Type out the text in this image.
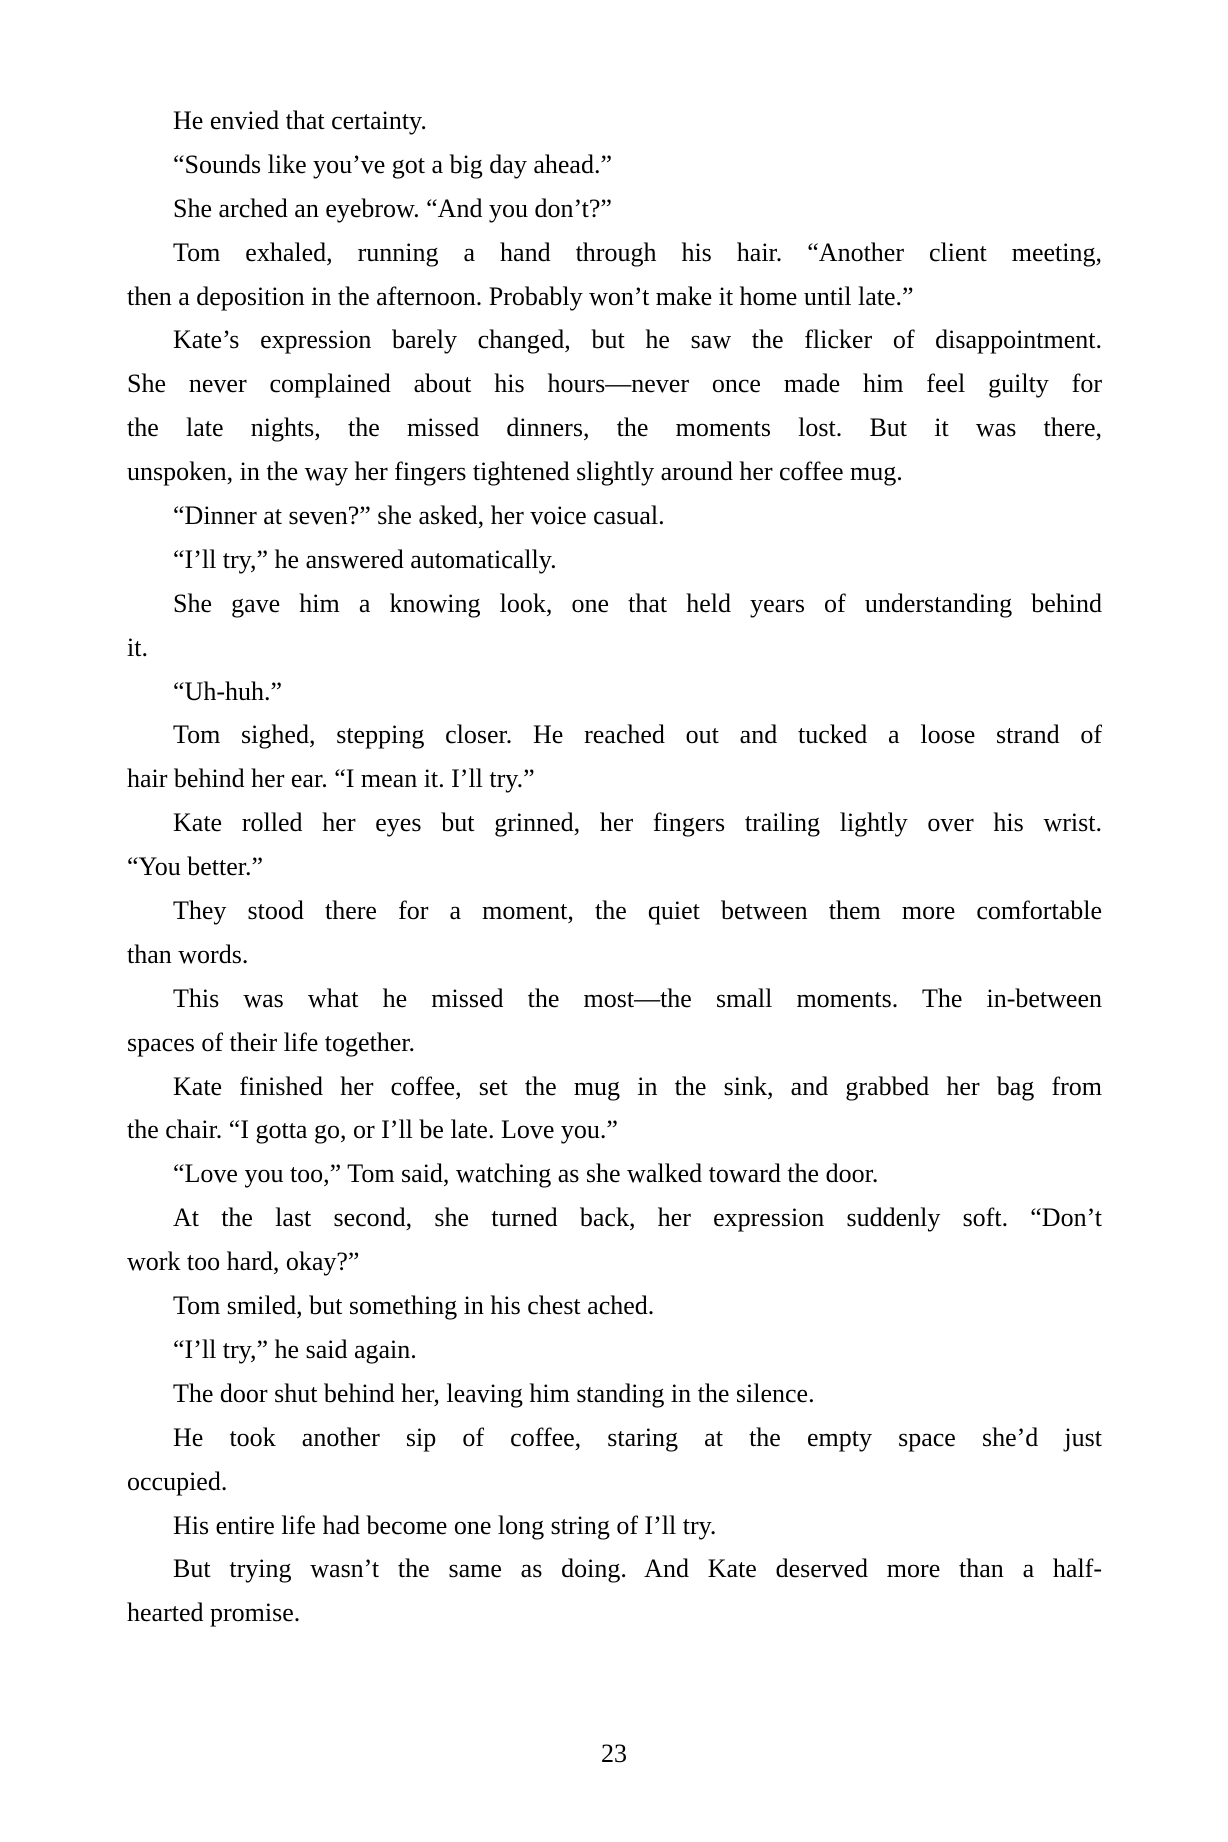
He envied that certainty.

“Sounds like you’ve got a big day ahead.”

She arched an eyebrow. “And you don’t?”

Tom exhaled, running a hand through his hair. “Another client meeting,
then a deposition in the afternoon. Probably won’t make it home until late.”

Kate’s expression barely changed, but he saw the flicker of disappointment.
She never complained about his hours—never once made him feel guilty for
the late nights, the missed dinners, the moments lost. But it was there,
unspoken, in the way her fingers tightened slightly around her coffee mug.

“Dinner at seven?” she asked, her voice casual.

“I’ll try,” he answered automatically.

She gave him a knowing look, one that held years of understanding behind
it.

“Uh-huh.”

Tom sighed, stepping closer. He reached out and tucked a loose strand of
hair behind her ear. “I mean it. I’ll try.”

Kate rolled her eyes but grinned, her fingers trailing lightly over his wrist.
“You better.”

They stood there for a moment, the quiet between them more comfortable
than words.

This was what he missed the most—the small moments. The in-between
spaces of their life together.

Kate finished her coffee, set the mug in the sink, and grabbed her bag from
the chair. “I gotta go, or I’ll be late. Love you.”

“Love you too,” Tom said, watching as she walked toward the door.

At the last second, she turned back, her expression suddenly soft. “Don’t
work too hard, okay?”

Tom smiled, but something in his chest ached.

“I’ll try,” he said again.

The door shut behind her, leaving him standing in the silence.

He took another sip of coffee, staring at the empty space she’d just
occupied.

His entire life had become one long string of I’ll try.

But trying wasn’t the same as doing. And Kate deserved more than a half-
hearted promise.

23
